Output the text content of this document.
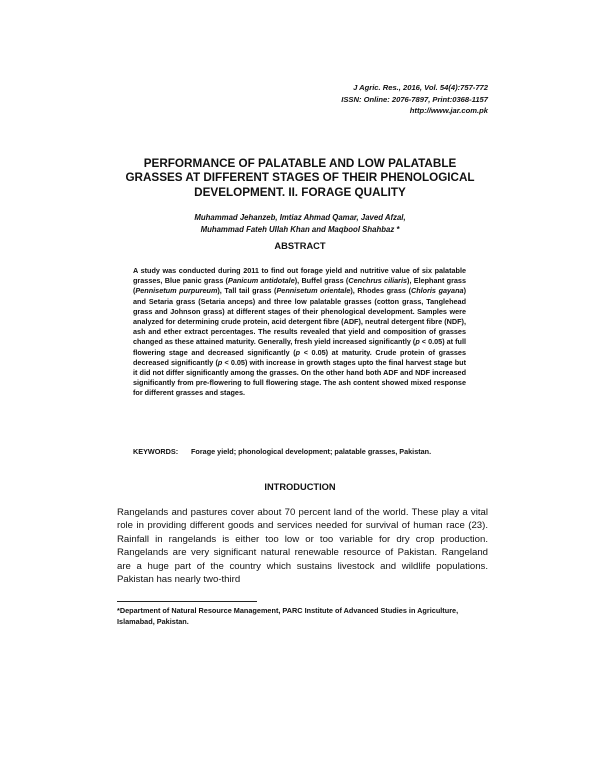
J Agric. Res., 2016, Vol. 54(4):757-772
ISSN: Online: 2076-7897, Print:0368-1157
http://www.jar.com.pk
PERFORMANCE OF PALATABLE AND LOW PALATABLE GRASSES AT DIFFERENT STAGES OF THEIR PHENOLOGICAL DEVELOPMENT. II. FORAGE QUALITY
Muhammad Jehanzeb, Imtiaz Ahmad Qamar, Javed Afzal,
Muhammad Fateh Ullah Khan and Maqbool Shahbaz *
ABSTRACT
A study was conducted during 2011 to find out forage yield and nutritive value of six palatable grasses, Blue panic grass (Panicum antidotale), Buffel grass (Cenchrus ciliaris), Elephant grass (Pennisetum purpureum), Tall tail grass (Pennisetum orientale), Rhodes grass (Chloris gayana) and Setaria grass (Setaria anceps) and three low palatable grasses (cotton grass, Tanglehead grass and Johnson grass) at different stages of their phenological development. Samples were analyzed for determining crude protein, acid detergent fibre (ADF), neutral detergent fibre (NDF), ash and ether extract percentages. The results revealed that yield and composition of grasses changed as these attained maturity. Generally, fresh yield increased significantly (p < 0.05) at full flowering stage and decreased significantly (p < 0.05) at maturity. Crude protein of grasses decreased significantly (p < 0.05) with increase in growth stages upto the final harvest stage but it did not differ significantly among the grasses. On the other hand both ADF and NDF increased significantly from pre-flowering to full flowering stage. The ash content showed mixed response for different grasses and stages.
KEYWORDS:	Forage yield; phonological development; palatable grasses, Pakistan.
INTRODUCTION
Rangelands and pastures cover about 70 percent land of the world. These play a vital role in providing different goods and services needed for survival of human race (23). Rainfall in rangelands is either too low or too variable for dry crop production. Rangelands are very significant natural renewable resource of Pakistan. Rangeland are a huge part of the country which sustains livestock and wildlife populations. Pakistan has nearly two-third
*Department of Natural Resource Management, PARC Institute of Advanced Studies in Agriculture, Islamabad, Pakistan.
